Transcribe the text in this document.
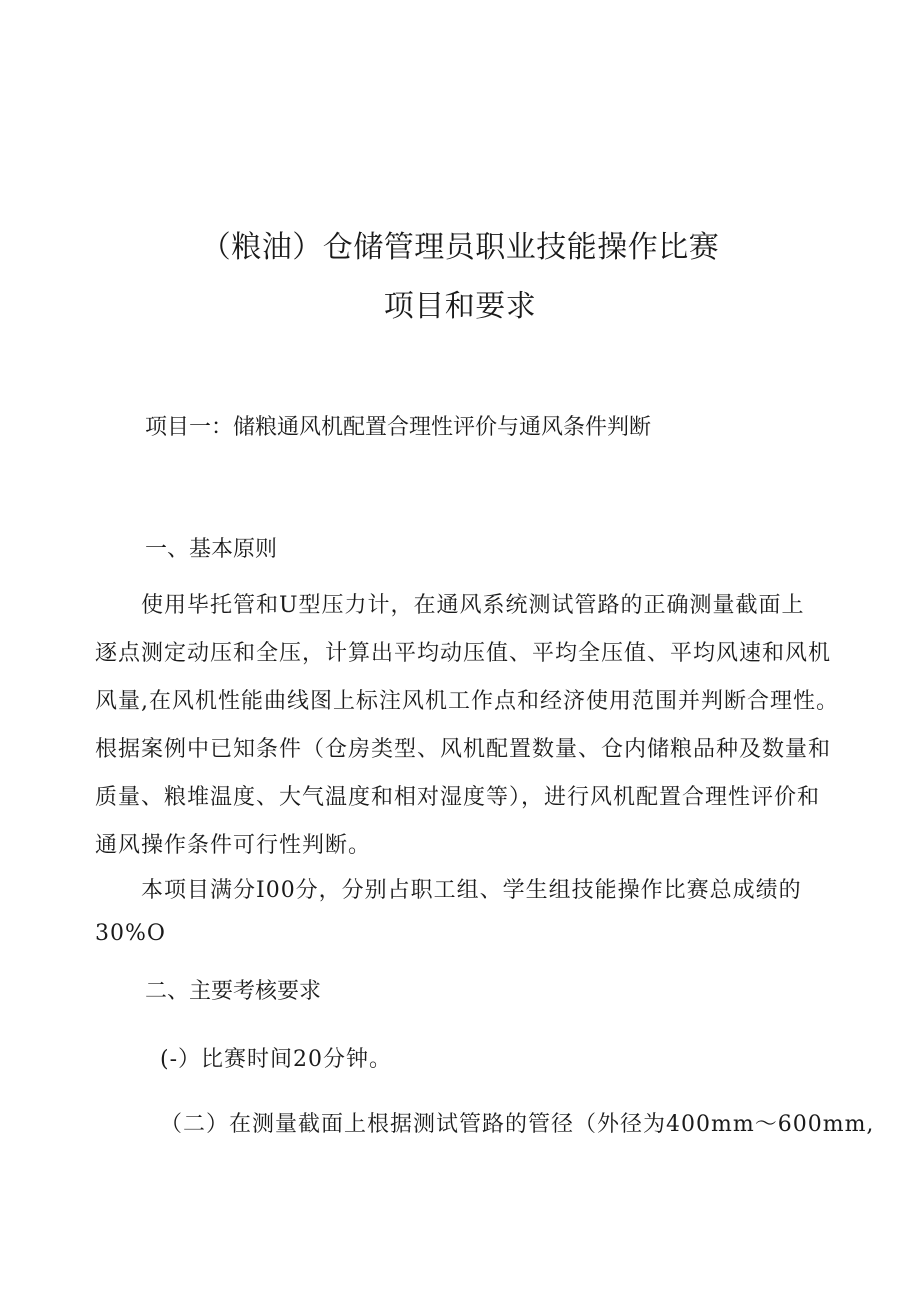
（粮油）仓储管理员职业技能操作比赛
项目和要求
项目一：储粮通风机配置合理性评价与通风条件判断
一、基本原则
　　使用毕托管和U型压力计，在通风系统测试管路的正确测量截面上
逐点测定动压和全压，计算出平均动压值、平均全压值、平均风速和风机
风量,在风机性能曲线图上标注风机工作点和经济使用范围并判断合理性。
根据案例中已知条件（仓房类型、风机配置数量、仓内储粮品种及数量和
质量、粮堆温度、大气温度和相对湿度等），进行风机配置合理性评价和
通风操作条件可行性判断。
　　本项目满分I00分，分别占职工组、学生组技能操作比赛总成绩的
30%O
二、主要考核要求

(-）比赛时间20分钟。

（二）在测量截面上根据测试管路的管径（外径为400mm～600mm,
